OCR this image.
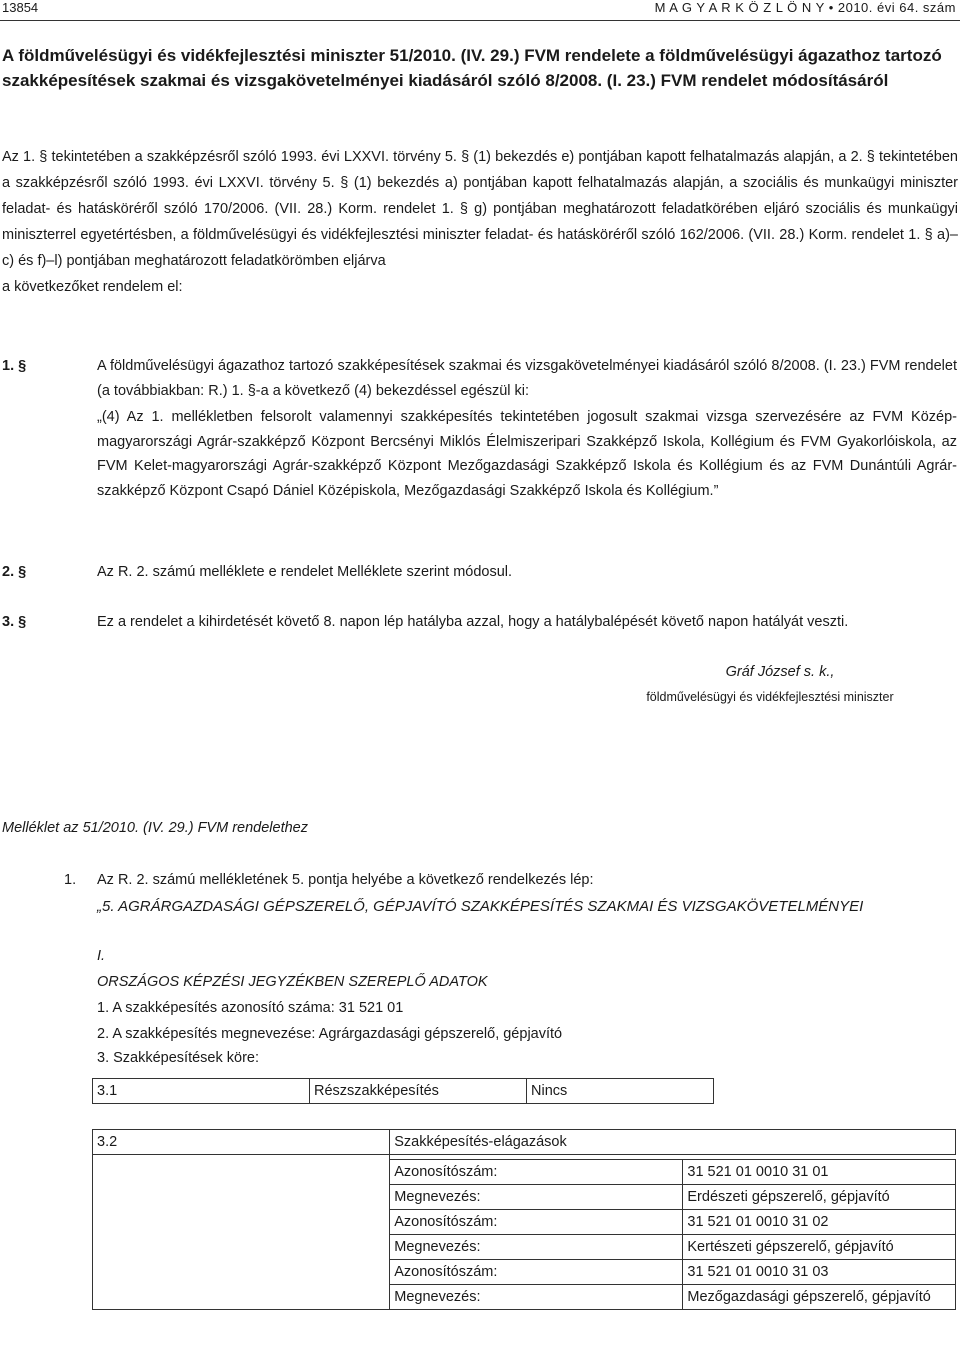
13854	M A G Y A R K Ö Z L Ö N Y • 2010. évi 64. szám
A földművelésügyi és vidékfejlesztési miniszter 51/2010. (IV. 29.) FVM rendelete a földművelésügyi ágazathoz tartozó szakképesítések szakmai és vizsgakövetelményei kiadásáról szóló 8/2008. (I. 23.) FVM rendelet módosításáról

Az 1. § tekintetében a szakképzésről szóló 1993. évi LXXVI. törvény 5. § (1) bekezdés e) pontjában kapott felhatalmazás alapján, a 2. § tekintetében a szakképzésről szóló 1993. évi LXXVI. törvény 5. § (1) bekezdés a) pontjában kapott felhatalmazás alapján, a szociális és munkaügyi miniszter feladat- és hatásköréről szóló 170/2006. (VII. 28.) Korm. rendelet 1. § g) pontjában meghatározott feladatkörében eljáró szociális és munkaügyi miniszterrel egyetértésben, a földművelésügyi és vidékfejlesztési miniszter feladat- és hatásköréről szóló 162/2006. (VII. 28.) Korm. rendelet 1. § a)–c) és f)–l) pontjában meghatározott feladatkörömben eljárva

a következőket rendelem el:

1. §	A földművelésügyi ágazathoz tartozó szakképesítések szakmai és vizsgakövetelményei kiadásáról szóló 8/2008. (I. 23.) FVM rendelet (a továbbiakban: R.) 1. §-a a következő (4) bekezdéssel egészül ki:
„(4) Az 1. mellékletben felsorolt valamennyi szakképesítés tekintetében jogosult szakmai vizsga szervezésére az FVM Közép-magyarországi Agrár-szakképző Központ Bercsényi Miklós Élelmiszeripari Szakképző Iskola, Kollégium és FVM Gyakorlóiskola, az FVM Kelet-magyarországi Agrár-szakképző Központ Mezőgazdasági Szakképző Iskola és Kollégium és az FVM Dunántúli Agrár-szakképző Központ Csapó Dániel Középiskola, Mezőgazdasági Szakképző Iskola és Kollégium.”
2. §	Az R. 2. számú melléklete e rendelet Melléklete szerint módosul.
3. §	Ez a rendelet a kihirdetését követő 8. napon lép hatályba azzal, hogy a hatálybalépését követő napon hatályát veszti.
Gráf József s. k.,
földművelésügyi és vidékfejlesztési miniszter
Melléklet az 51/2010. (IV. 29.) FVM rendelethez
1. Az R. 2. számú mellékletének 5. pontja helyébe a következő rendelkezés lép:
„5. AGRÁRGAZDASÁGI GÉPSZERELŐ, GÉPJAVÍTÓ SZAKKÉPESÍTÉS SZAKMAI ÉS VIZSGAKÖVETELMÉNYEI
I.
ORSZÁGOS KÉPZÉSI JEGYZÉKBEN SZEREPLŐ ADATOK
1. A szakképesítés azonosító száma: 31 521 01
2. A szakképesítés megnevezése: Agrárgazdasági gépszerelő, gépjavító
3. Szakképesítések köre:
3.1	Részszakképesítés	Nincs
3.2	Szakképesítés-elágazások	

	Azonosítószám:	31 521 01 0010 31 01
	Megnevezés:	Erdészeti gépszerelő, gépjavító
	Azonosítószám:	31 521 01 0010 31 02
	Megnevezés:	Kertészeti gépszerelő, gépjavító
	Azonosítószám:	31 521 01 0010 31 03
	Megnevezés:	Mezőgazdasági gépszerelő, gépjavító
